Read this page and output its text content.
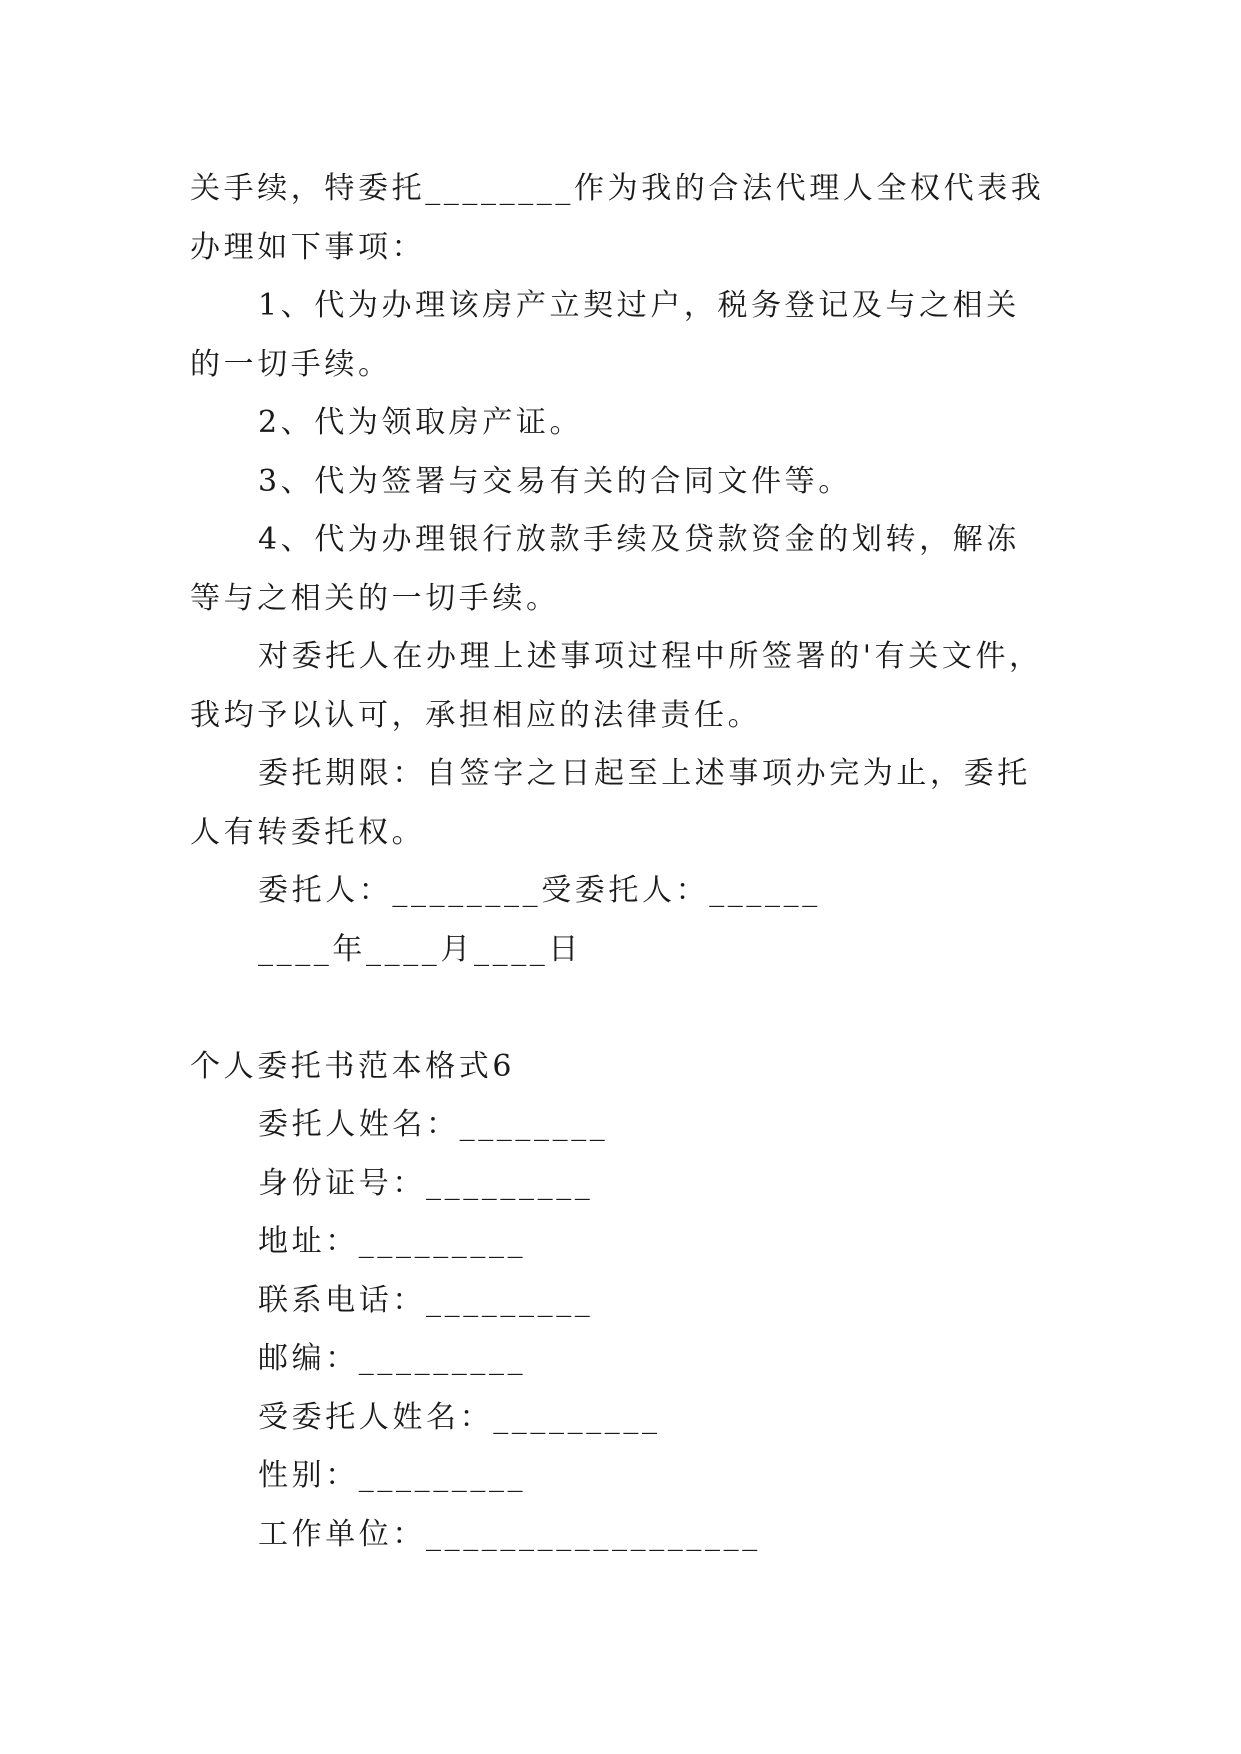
关手续，特委托________作为我的合法代理人全权代表我办理如下事项：

1、代为办理该房产立契过户，税务登记及与之相关的一切手续。

2、代为领取房产证。

3、代为签署与交易有关的合同文件等。

4、代为办理银行放款手续及贷款资金的划转，解冻等与之相关的一切手续。

对委托人在办理上述事项过程中所签署的'有关文件，我均予以认可，承担相应的法律责任。

委托期限：自签字之日起至上述事项办完为止，委托人有转委托权。

委托人：________受委托人：______

____年____月____日

个人委托书范本格式6

委托人姓名：________

身份证号：_________

地址：_________

联系电话：_________

邮编：_________

受委托人姓名：_________

性别：_________

工作单位：__________________
